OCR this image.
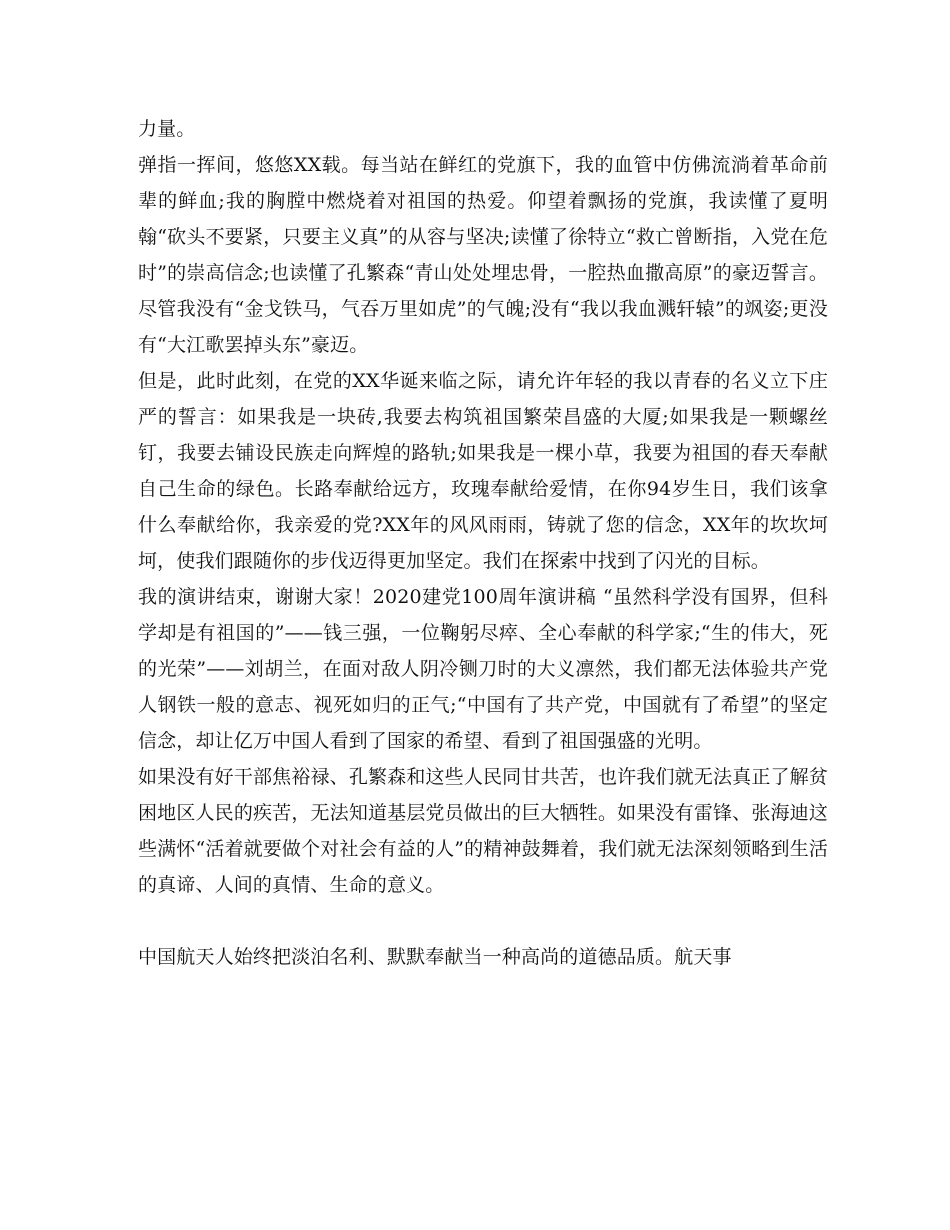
力量。

弹指一挥间，悠悠XX载。每当站在鲜红的党旗下，我的血管中仿佛流淌着革命前辈的鲜血;我的胸膛中燃烧着对祖国的热爱。仰望着飘扬的党旗，我读懂了夏明翰“砍头不要紧，只要主义真”的从容与坚决;读懂了徐特立“救亡曾断指，入党在危时”的崇高信念;也读懂了孔繁森“青山处处埋忠骨，一腔热血撒高原”的豪迈誓言。尽管我没有“金戈铁马，气吞万里如虎”的气魄;没有“我以我血溅轩辕”的飒姿;更没有“大江歌罢掉头东”豪迈。

但是，此时此刻，在党的XX华诞来临之际，请允许年轻的我以青春的名义立下庄严的誓言：如果我是一块砖,我要去构筑祖国繁荣昌盛的大厦;如果我是一颗螺丝钉，我要去铺设民族走向辉煌的路轨;如果我是一棵小草，我要为祖国的春天奉献自己生命的绿色。长路奉献给远方，玫瑰奉献给爱情，在你94岁生日，我们该拿什么奉献给你，我亲爱的党?XX年的风风雨雨，铸就了您的信念，XX年的坎坎坷坷，使我们跟随你的步伐迈得更加坚定。我们在探索中找到了闪光的目标。

我的演讲结束，谢谢大家！2020建党100周年演讲稿 “虽然科学没有国界，但科学却是有祖国的”——钱三强，一位鞠躬尽瘁、全心奉献的科学家;“生的伟大，死的光荣”——刘胡兰，在面对敌人阴冷铡刀时的大义凛然，我们都无法体验共产党人钢铁一般的意志、视死如归的正气;“中国有了共产党，中国就有了希望”的坚定信念，却让亿万中国人看到了国家的希望、看到了祖国强盛的光明。

如果没有好干部焦裕禄、孔繁森和这些人民同甘共苦，也许我们就无法真正了解贫困地区人民的疾苦，无法知道基层党员做出的巨大牺牲。如果没有雷锋、张海迪这些满怀“活着就要做个对社会有益的人”的精神鼓舞着，我们就无法深刻领略到生活的真谛、人间的真情、生命的意义。

中国航天人始终把淡泊名利、默默奉献当一种高尚的道德品质。航天事
